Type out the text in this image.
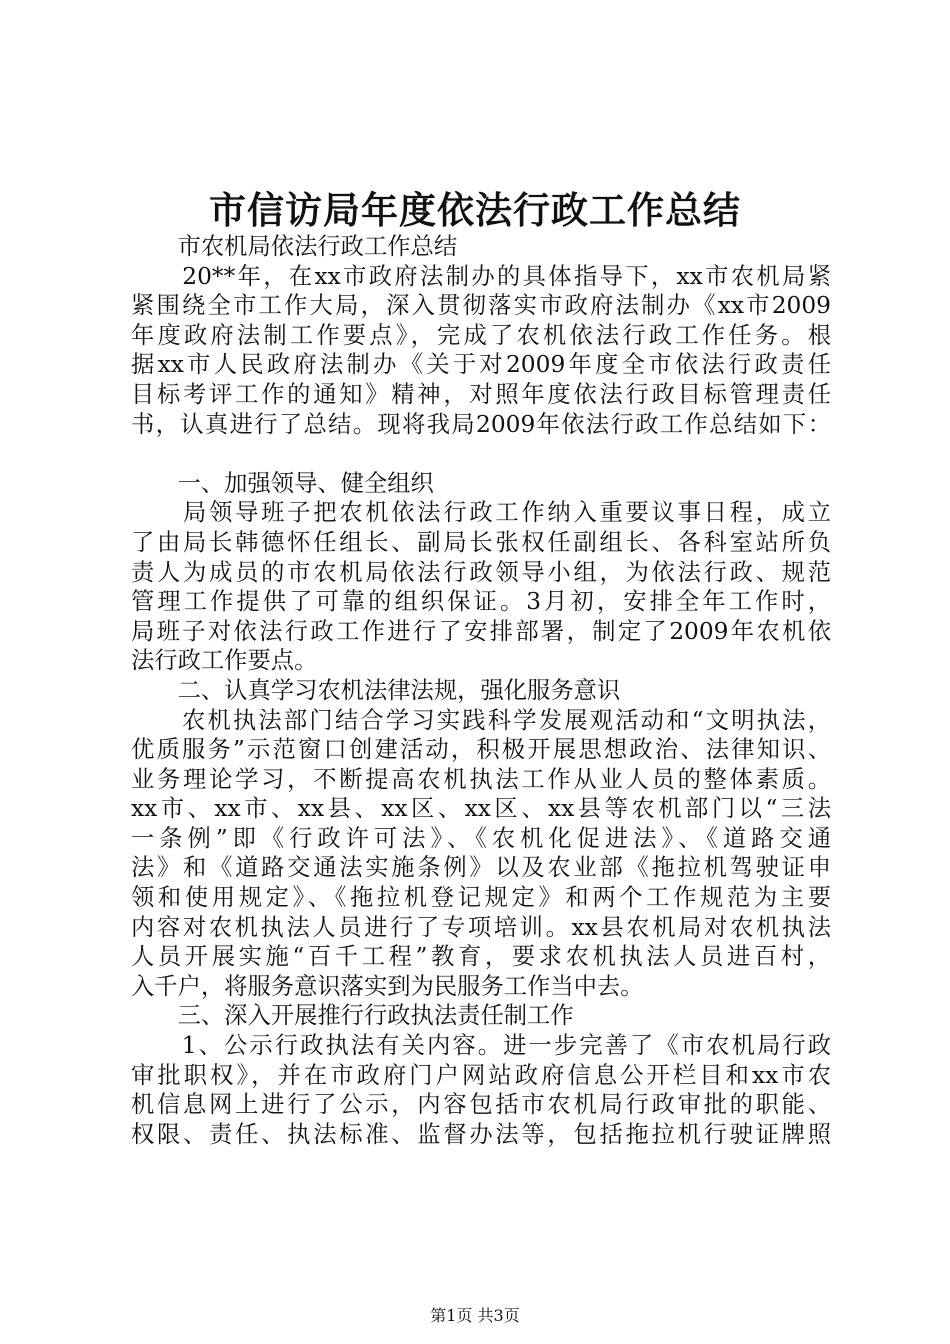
市信访局年度依法行政工作总结
　　市农机局依法行政工作总结
　　20**年，在xx市政府法制办的具体指导下，xx市农机局紧
紧围绕全市工作大局，深入贯彻落实市政府法制办《xx市2009
年度政府法制工作要点》，完成了农机依法行政工作任务。根
据xx市人民政府法制办《关于对2009年度全市依法行政责任
目标考评工作的通知》精神，对照年度依法行政目标管理责任
书，认真进行了总结。现将我局2009年依法行政工作总结如下：
　　一、加强领导、健全组织
　　局领导班子把农机依法行政工作纳入重要议事日程，成立
了由局长韩德怀任组长、副局长张权任副组长、各科室站所负
责人为成员的市农机局依法行政领导小组，为依法行政、规范
管理工作提供了可靠的组织保证。3月初，安排全年工作时，
局班子对依法行政工作进行了安排部署，制定了2009年农机依
法行政工作要点。
　　二、认真学习农机法律法规，强化服务意识
　　农机执法部门结合学习实践科学发展观活动和“文明执法，
优质服务”示范窗口创建活动，积极开展思想政治、法律知识、
业务理论学习，不断提高农机执法工作从业人员的整体素质。
xx市、xx市、xx县、xx区、xx区、xx县等农机部门以“三法
一条例”即《行政许可法》、《农机化促进法》、《道路交通
法》和《道路交通法实施条例》以及农业部《拖拉机驾驶证申
领和使用规定》、《拖拉机登记规定》和两个工作规范为主要
内容对农机执法人员进行了专项培训。xx县农机局对农机执法
人员开展实施“百千工程”教育，要求农机执法人员进百村，
入千户，将服务意识落实到为民服务工作当中去。
　　三、深入开展推行行政执法责任制工作
　　1、公示行政执法有关内容。进一步完善了《市农机局行政
审批职权》，并在市政府门户网站政府信息公开栏目和xx市农
机信息网上进行了公示，内容包括市农机局行政审批的职能、
权限、责任、执法标准、监督办法等，包括拖拉机行驶证牌照
第1页 共3页
